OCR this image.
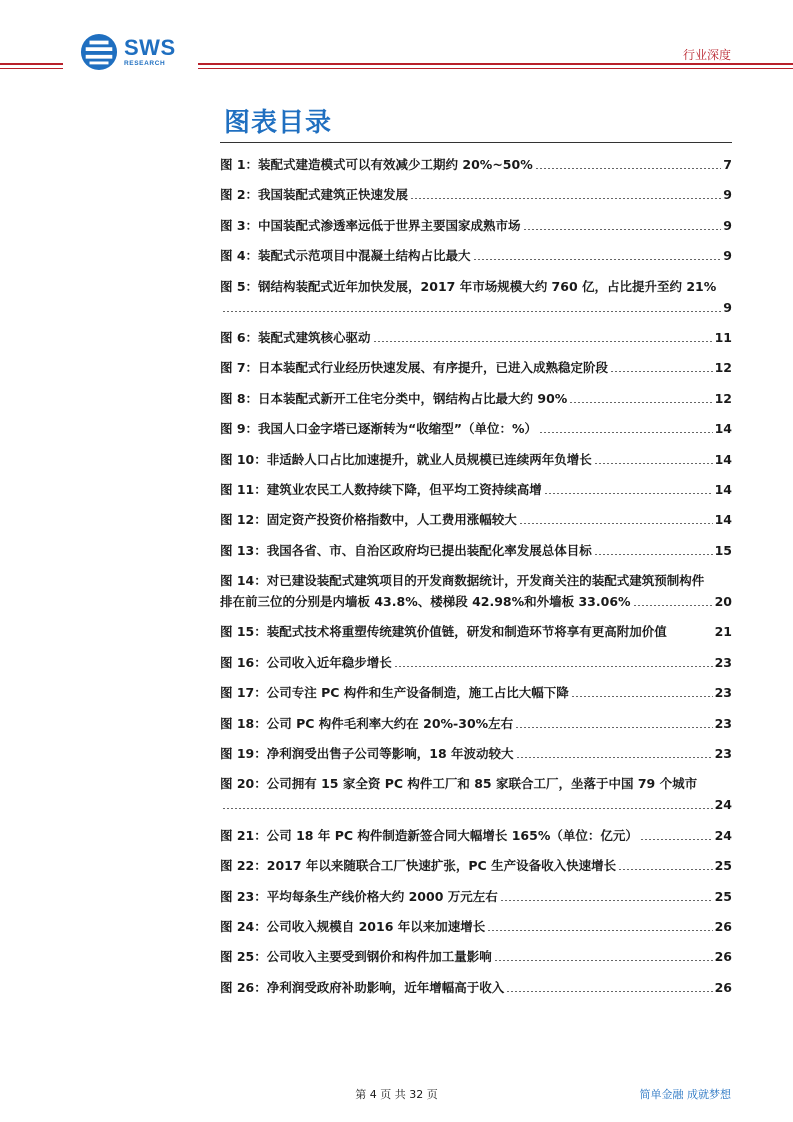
SWS
RESEARCH
行业深度
图表目录
图 1：装配式建造模式可以有效减少工期约 20%~50%	7
图 2：我国装配式建筑正快速发展	9
图 3：中国装配式渗透率远低于世界主要国家成熟市场	9
图 4：装配式示范项目中混凝土结构占比最大	9
图 5：钢结构装配式近年加快发展，2017 年市场规模大约 760 亿，占比提升至约 21%
9
图 6：装配式建筑核心驱动	11
图 7：日本装配式行业经历快速发展、有序提升，已进入成熟稳定阶段	12
图 8：日本装配式新开工住宅分类中，钢结构占比最大约 90%	12
图 9：我国人口金字塔已逐渐转为“收缩型”（单位：%）	14
图 10：非适龄人口占比加速提升，就业人员规模已连续两年负增长	14
图 11：建筑业农民工人数持续下降，但平均工资持续高增	14
图 12：固定资产投资价格指数中，人工费用涨幅较大	14
图 13：我国各省、市、自治区政府均已提出装配化率发展总体目标	15
图 14：对已建设装配式建筑项目的开发商数据统计，开发商关注的装配式建筑预制构件
排在前三位的分别是内墙板 43.8%、楼梯段 42.98%和外墙板 33.06%	20
图 15：装配式技术将重塑传统建筑价值链，研发和制造环节将享有更高附加价值	21
图 16：公司收入近年稳步增长	23
图 17：公司专注 PC 构件和生产设备制造，施工占比大幅下降	23
图 18：公司 PC 构件毛利率大约在 20%-30%左右	23
图 19：净利润受出售子公司等影响，18 年波动较大	23
图 20：公司拥有 15 家全资 PC 构件工厂和 85 家联合工厂，坐落于中国 79 个城市
24
图 21：公司 18 年 PC 构件制造新签合同大幅增长 165%（单位：亿元）	24
图 22：2017 年以来随联合工厂快速扩张，PC 生产设备收入快速增长	25
图 23：平均每条生产线价格大约 2000 万元左右	25
图 24：公司收入规模自 2016 年以来加速增长	26
图 25：公司收入主要受到钢价和构件加工量影响	26
图 26：净利润受政府补助影响，近年增幅高于收入	26
第 4 页 共 32 页	简单金融 成就梦想
